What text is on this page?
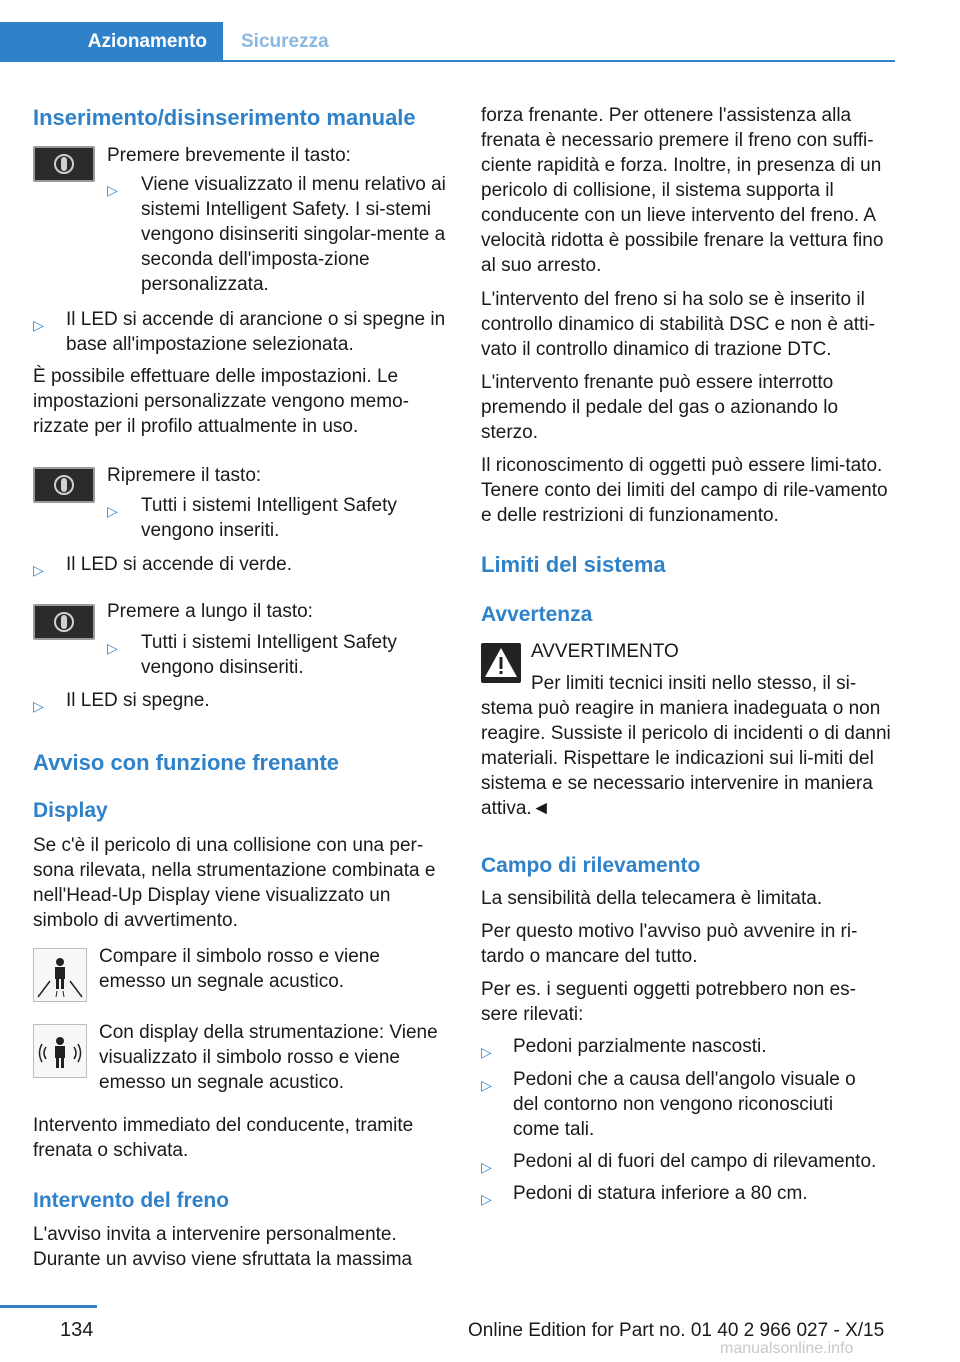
Azionamento	Sicurezza
Inserimento/disinserimento manuale
Premere brevemente il tasto:
▷ Viene visualizzato il menu relativo ai sistemi Intelligent Safety. I si-stemi vengono disinseriti singolar-mente a seconda dell'imposta-zione personalizzata.
▷ Il LED si accende di arancione o si spegne in base all'impostazione selezionata.
È possibile effettuare delle impostazioni. Le impostazioni personalizzate vengono memo-rizzate per il profilo attualmente in uso.
Ripremere il tasto:
▷ Tutti i sistemi Intelligent Safety vengono inseriti.
▷ Il LED si accende di verde.
Premere a lungo il tasto:
▷ Tutti i sistemi Intelligent Safety vengono disinseriti.
▷ Il LED si spegne.
Avviso con funzione frenante
Display
Se c'è il pericolo di una collisione con una per-sona rilevata, nella strumentazione combinata e nell'Head-Up Display viene visualizzato un simbolo di avvertimento.
Compare il simbolo rosso e viene emesso un segnale acustico.
Con display della strumentazione: Viene visualizzato il simbolo rosso e viene emesso un segnale acustico.
Intervento immediato del conducente, tramite frenata o schivata.
Intervento del freno
L'avviso invita a intervenire personalmente. Durante un avviso viene sfruttata la massima
forza frenante. Per ottenere l'assistenza alla frenata è necessario premere il freno con suffi-ciente rapidità e forza. Inoltre, in presenza di un pericolo di collisione, il sistema supporta il conducente con un lieve intervento del freno. A velocità ridotta è possibile frenare la vettura fino al suo arresto.
L'intervento del freno si ha solo se è inserito il controllo dinamico di stabilità DSC e non è atti-vato il controllo dinamico di trazione DTC.
L'intervento frenante può essere interrotto premendo il pedale del gas o azionando lo sterzo.
Il riconoscimento di oggetti può essere limi-tato. Tenere conto dei limiti del campo di rile-vamento e delle restrizioni di funzionamento.
Limiti del sistema
Avvertenza
AVVERTIMENTO
Per limiti tecnici insiti nello stesso, il si-stema può reagire in maniera inadeguata o non reagire. Sussiste il pericolo di incidenti o di danni materiali. Rispettare le indicazioni sui li-miti del sistema e se necessario intervenire in maniera attiva.◄
Campo di rilevamento
La sensibilità della telecamera è limitata.
Per questo motivo l'avviso può avvenire in ri-tardo o mancare del tutto.
Per es. i seguenti oggetti potrebbero non es-sere rilevati:
▷ Pedoni parzialmente nascosti.
▷ Pedoni che a causa dell'angolo visuale o del contorno non vengono riconosciuti come tali.
▷ Pedoni al di fuori del campo di rilevamento.
▷ Pedoni di statura inferiore a 80 cm.
134	Online Edition for Part no. 01 40 2 966 027 - X/15
manualsonline.info
